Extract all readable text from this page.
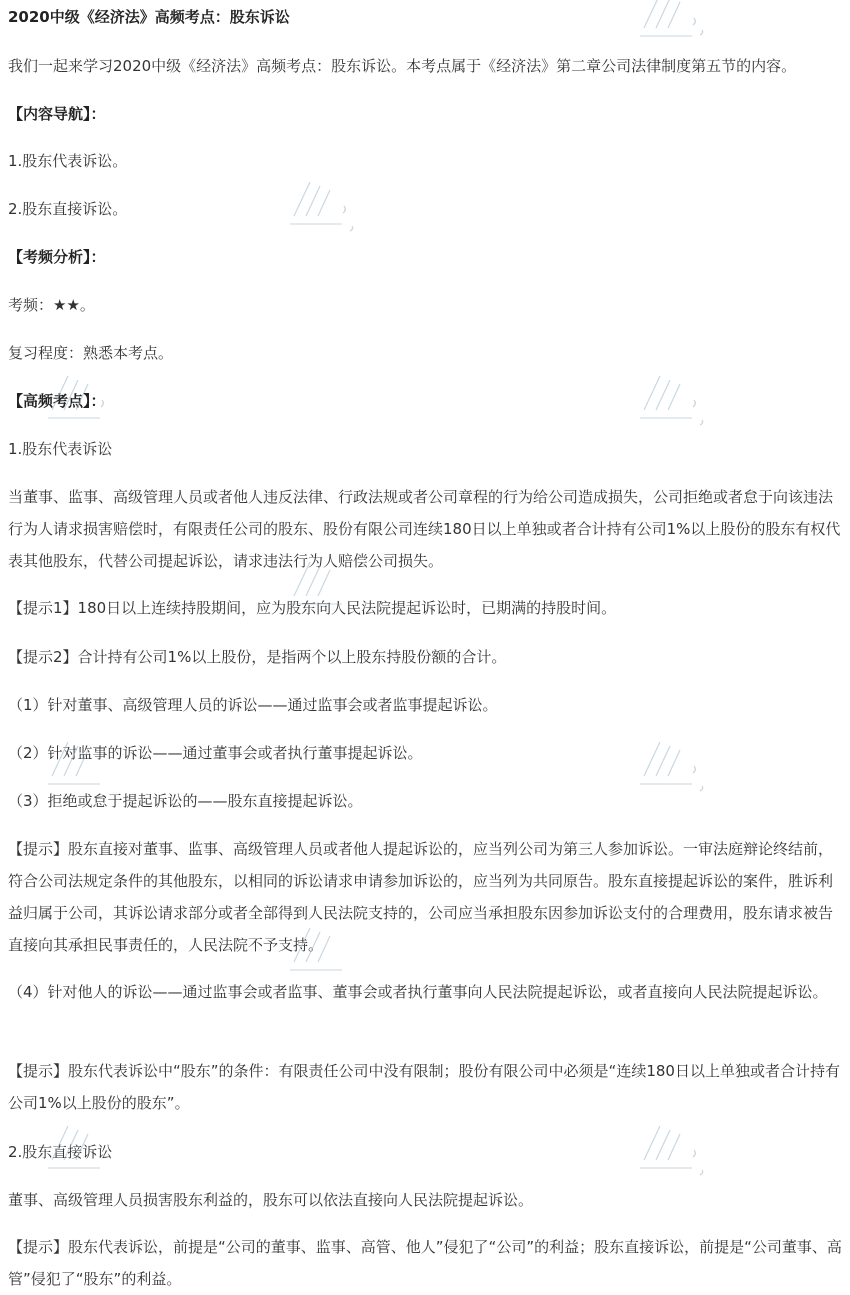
2020中级《经济法》高频考点：股东诉讼
我们一起来学习2020中级《经济法》高频考点：股东诉讼。本考点属于《经济法》第二章公司法律制度第五节的内容。
【内容导航】：
1.股东代表诉讼。
2.股东直接诉讼。
【考频分析】：
考频：★★。
复习程度：熟悉本考点。
【高频考点】：
1.股东代表诉讼
当董事、监事、高级管理人员或者他人违反法律、行政法规或者公司章程的行为给公司造成损失，公司拒绝或者怠于向该违法行为人请求损害赔偿时，有限责任公司的股东、股份有限公司连续180日以上单独或者合计持有公司1%以上股份的股东有权代表其他股东，代替公司提起诉讼，请求违法行为人赔偿公司损失。
【提示1】180日以上连续持股期间，应为股东向人民法院提起诉讼时，已期满的持股时间。
【提示2】合计持有公司1%以上股份，是指两个以上股东持股份额的合计。
（1）针对董事、高级管理人员的诉讼——通过监事会或者监事提起诉讼。
（2）针对监事的诉讼——通过董事会或者执行董事提起诉讼。
（3）拒绝或怠于提起诉讼的——股东直接提起诉讼。
【提示】股东直接对董事、监事、高级管理人员或者他人提起诉讼的，应当列公司为第三人参加诉讼。一审法庭辩论终结前，符合公司法规定条件的其他股东，以相同的诉讼请求申请参加诉讼的，应当列为共同原告。股东直接提起诉讼的案件，胜诉利益归属于公司，其诉讼请求部分或者全部得到人民法院支持的，公司应当承担股东因参加诉讼支付的合理费用，股东请求被告直接向其承担民事责任的，人民法院不予支持。
（4）针对他人的诉讼——通过监事会或者监事、董事会或者执行董事向人民法院提起诉讼，或者直接向人民法院提起诉讼。
【提示】股东代表诉讼中“股东”的条件：有限责任公司中没有限制；股份有限公司中必须是“连续180日以上单独或者合计持有公司1%以上股份的股东”。
2.股东直接诉讼
董事、高级管理人员损害股东利益的，股东可以依法直接向人民法院提起诉讼。
【提示】股东代表诉讼，前提是“公司的董事、监事、高管、他人”侵犯了“公司”的利益；股东直接诉讼，前提是“公司董事、高管”侵犯了“股东”的利益。
